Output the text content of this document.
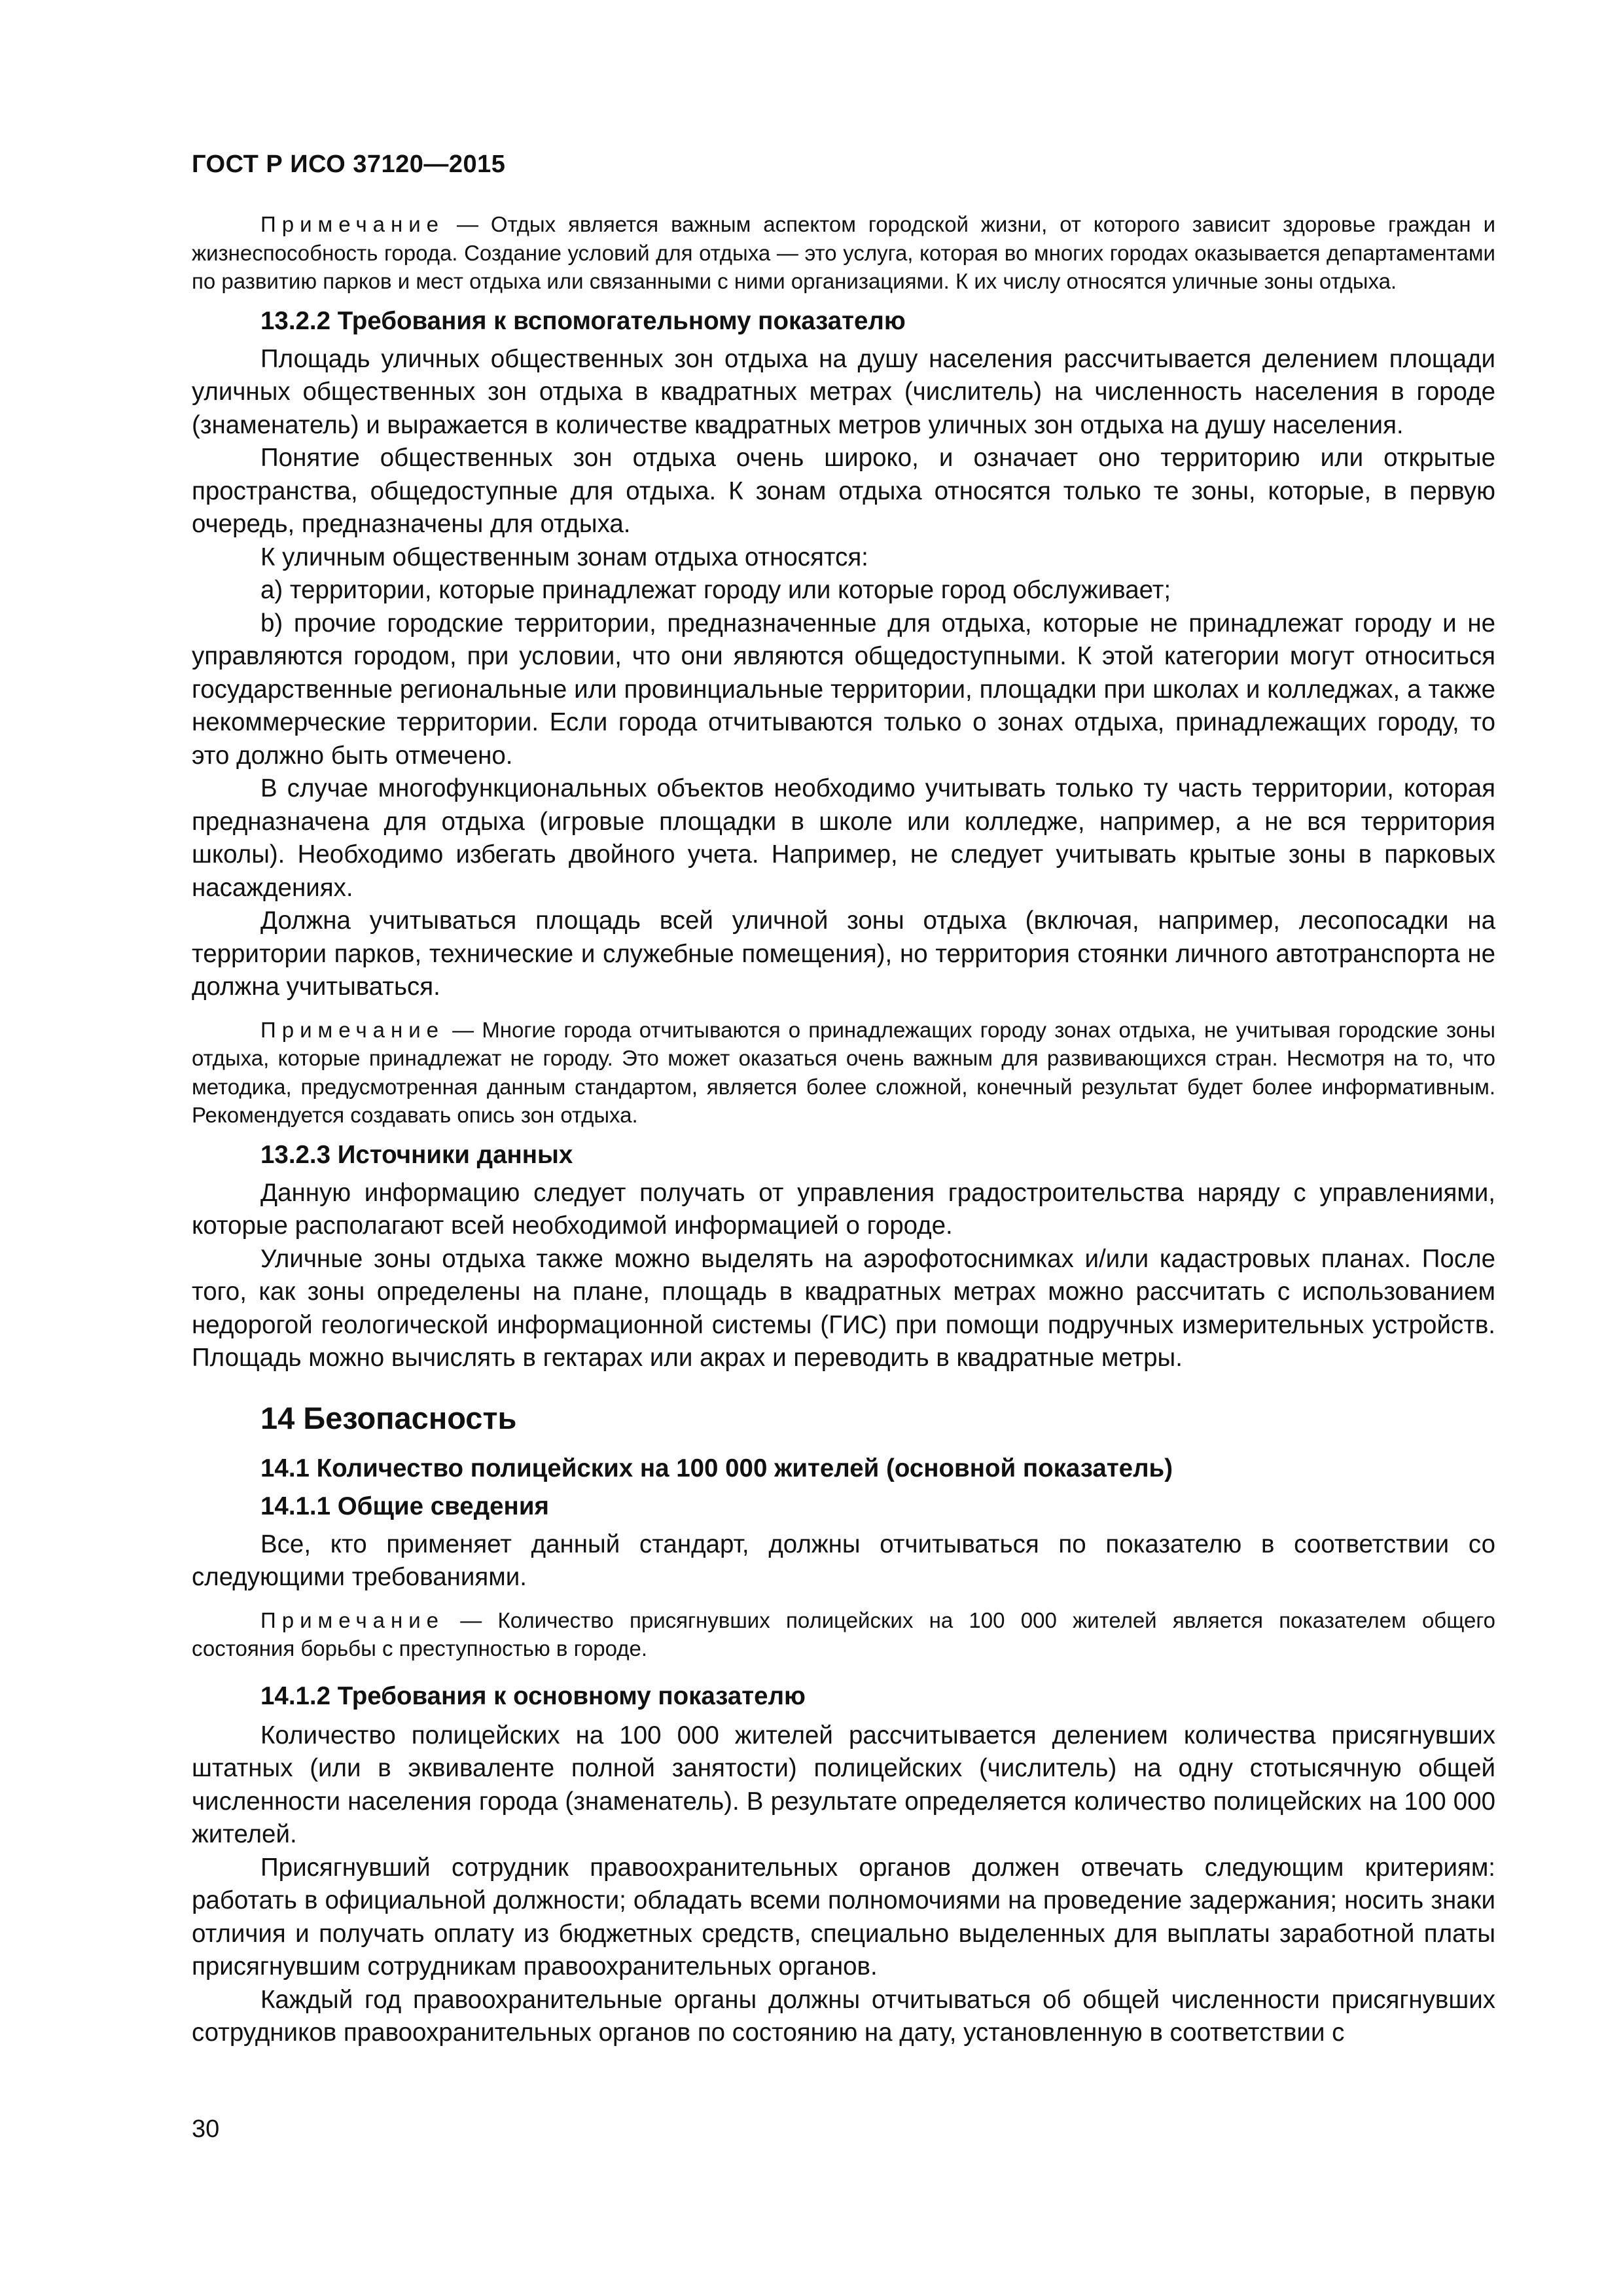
ГОСТ Р ИСО 37120—2015

Примечание — Отдых является важным аспектом городской жизни, от которого зависит здоровье граждан и жизнеспособность города. Создание условий для отдыха — это услуга, которая во многих городах оказывается департаментами по развитию парков и мест отдыха или связанными с ними организациями. К их числу относятся уличные зоны отдыха.

13.2.2 Требования к вспомогательному показателю

Площадь уличных общественных зон отдыха на душу населения рассчитывается делением площади уличных общественных зон отдыха в квадратных метрах (числитель) на численность населения в городе (знаменатель) и выражается в количестве квадратных метров уличных зон отдыха на душу населения.

Понятие общественных зон отдыха очень широко, и означает оно территорию или открытые пространства, общедоступные для отдыха. К зонам отдыха относятся только те зоны, которые, в первую очередь, предназначены для отдыха.

К уличным общественным зонам отдыха относятся:

a) территории, которые принадлежат городу или которые город обслуживает;

b) прочие городские территории, предназначенные для отдыха, которые не принадлежат городу и не управляются городом, при условии, что они являются общедоступными. К этой категории могут относиться государственные региональные или провинциальные территории, площадки при школах и колледжах, а также некоммерческие территории. Если города отчитываются только о зонах отдыха, принадлежащих городу, то это должно быть отмечено.

В случае многофункциональных объектов необходимо учитывать только ту часть территории, которая предназначена для отдыха (игровые площадки в школе или колледже, например, а не вся территория школы). Необходимо избегать двойного учета. Например, не следует учитывать крытые зоны в парковых насаждениях.

Должна учитываться площадь всей уличной зоны отдыха (включая, например, лесопосадки на территории парков, технические и служебные помещения), но территория стоянки личного автотранспорта не должна учитываться.

Примечание — Многие города отчитываются о принадлежащих городу зонах отдыха, не учитывая городские зоны отдыха, которые принадлежат не городу. Это может оказаться очень важным для развивающихся стран. Несмотря на то, что методика, предусмотренная данным стандартом, является более сложной, конечный результат будет более информативным. Рекомендуется создавать опись зон отдыха.

13.2.3 Источники данных

Данную информацию следует получать от управления градостроительства наряду с управлениями, которые располагают всей необходимой информацией о городе.

Уличные зоны отдыха также можно выделять на аэрофотоснимках и/или кадастровых планах. После того, как зоны определены на плане, площадь в квадратных метрах можно рассчитать с использованием недорогой геологической информационной системы (ГИС) при помощи подручных измерительных устройств. Площадь можно вычислять в гектарах или акрах и переводить в квадратные метры.

14 Безопасность
14.1 Количество полицейских на 100 000 жителей (основной показатель)
14.1.1 Общие сведения

Все, кто применяет данный стандарт, должны отчитываться по показателю в соответствии со следующими требованиями.

Примечание — Количество присягнувших полицейских на 100 000 жителей является показателем общего состояния борьбы с преступностью в городе.

14.1.2 Требования к основному показателю

Количество полицейских на 100 000 жителей рассчитывается делением количества присягнувших штатных (или в эквиваленте полной занятости) полицейских (числитель) на одну стотысячную общей численности населения города (знаменатель). В результате определяется количество полицейских на 100 000 жителей.

Присягнувший сотрудник правоохранительных органов должен отвечать следующим критериям: работать в официальной должности; обладать всеми полномочиями на проведение задержания; носить знаки отличия и получать оплату из бюджетных средств, специально выделенных для выплаты заработной платы присягнувшим сотрудникам правоохранительных органов.

Каждый год правоохранительные органы должны отчитываться об общей численности присягнувших сотрудников правоохранительных органов по состоянию на дату, установленную в соответствии с

30
